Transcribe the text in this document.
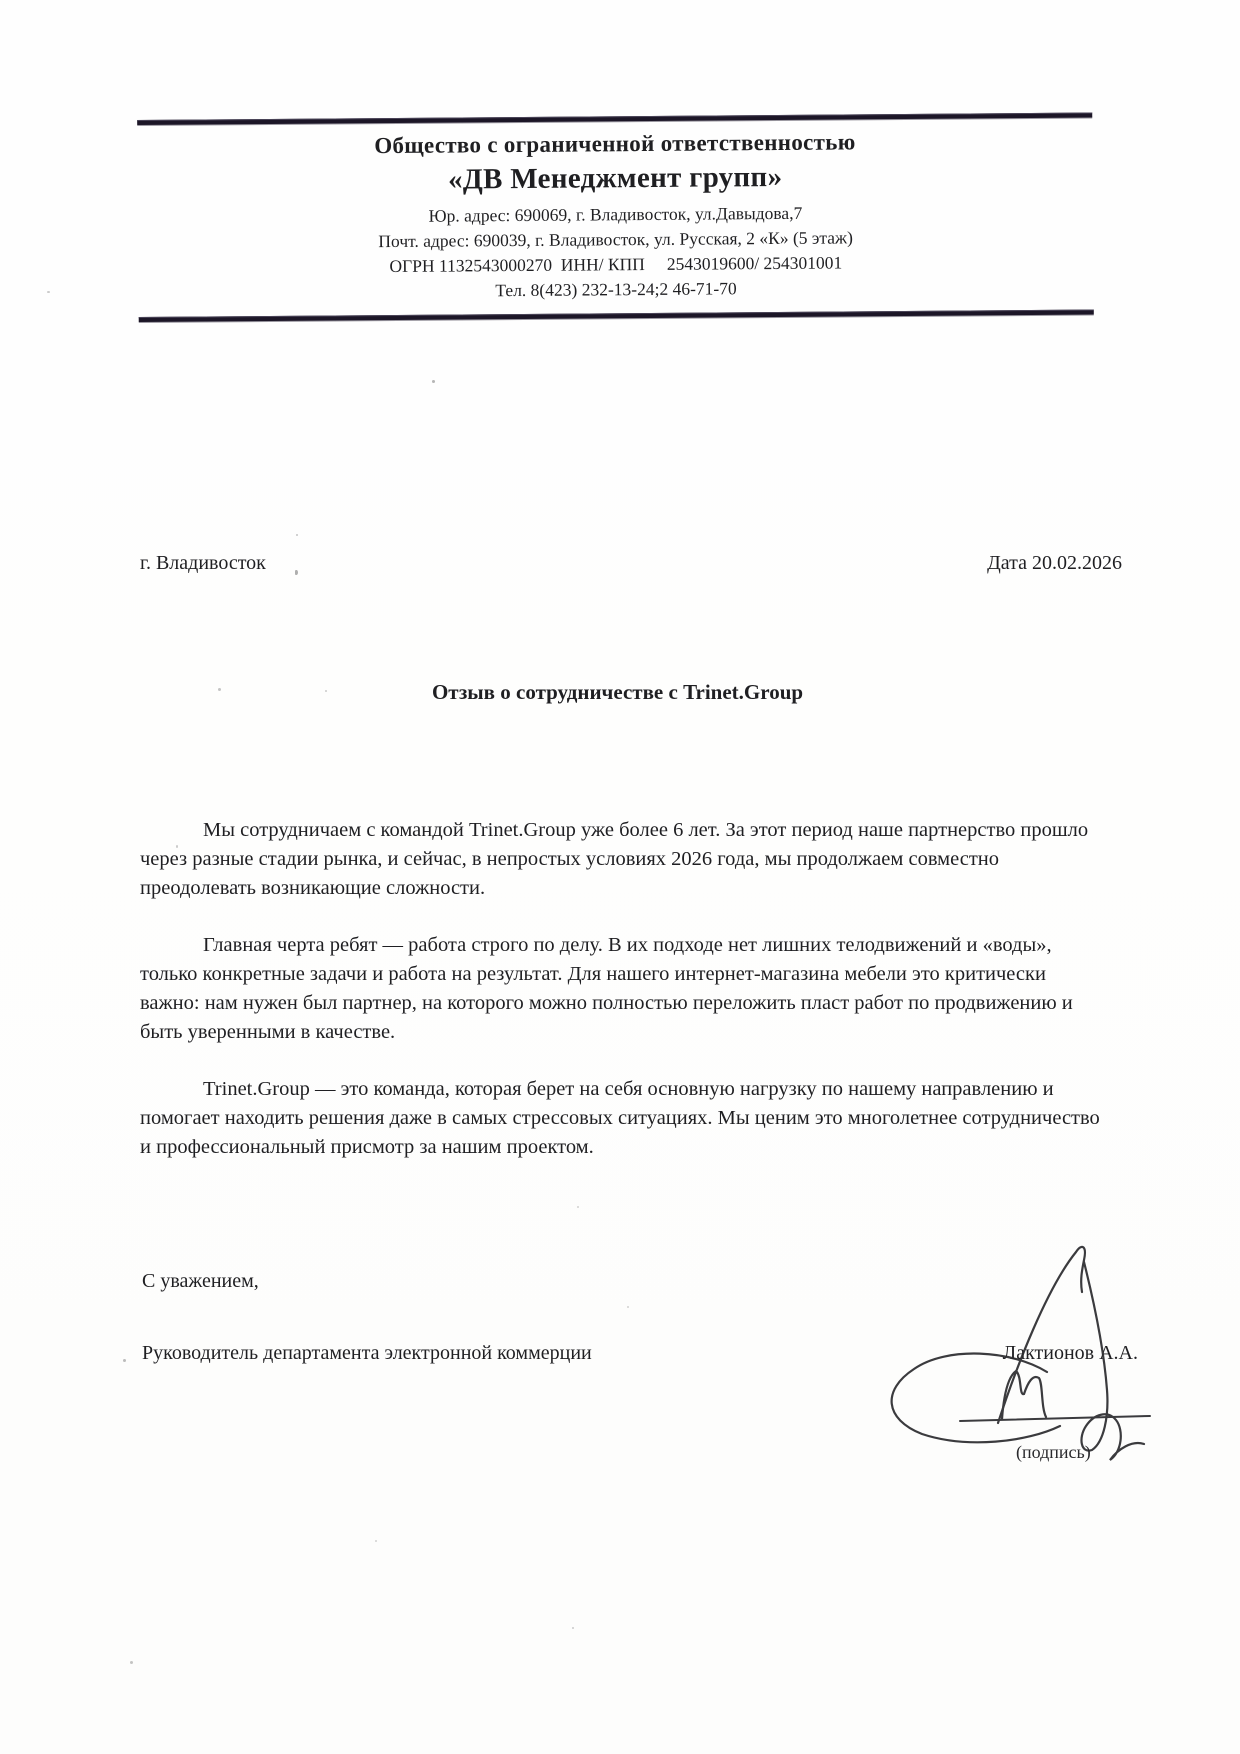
Общество с ограниченной ответственностью
«ДВ Менеджмент групп»
Юр. адрес: 690069, г. Владивосток, ул.Давыдова,7
Почт. адрес: 690039, г. Владивосток, ул. Русская, 2 «К» (5 этаж)
ОГРН 1132543000270  ИНН/ КПП     2543019600/ 254301001
Тел. 8(423) 232-13-24;2 46-71-70
г. Владивосток	Дата 20.02.2026
Отзыв о сотрудничестве с Trinet.Group

Мы сотрудничаем с командой Trinet.Group уже более 6 лет. За этот период наше партнерство прошло через разные стадии рынка, и сейчас, в непростых условиях 2026 года, мы продолжаем совместно преодолевать возникающие сложности.

Главная черта ребят — работа строго по делу. В их подходе нет лишних телодвижений и «воды», только конкретные задачи и работа на результат. Для нашего интернет-магазина мебели это критически важно: нам нужен был партнер, на которого можно полностью переложить пласт работ по продвижению и быть уверенными в качестве.

Trinet.Group — это команда, которая берет на себя основную нагрузку по нашему направлению и помогает находить решения даже в самых стрессовых ситуациях. Мы ценим это многолетнее сотрудничество и профессиональный присмотр за нашим проектом.

С уважением,
Руководитель департамента электронной коммерции	Лактионов А.А.
(подпись)
